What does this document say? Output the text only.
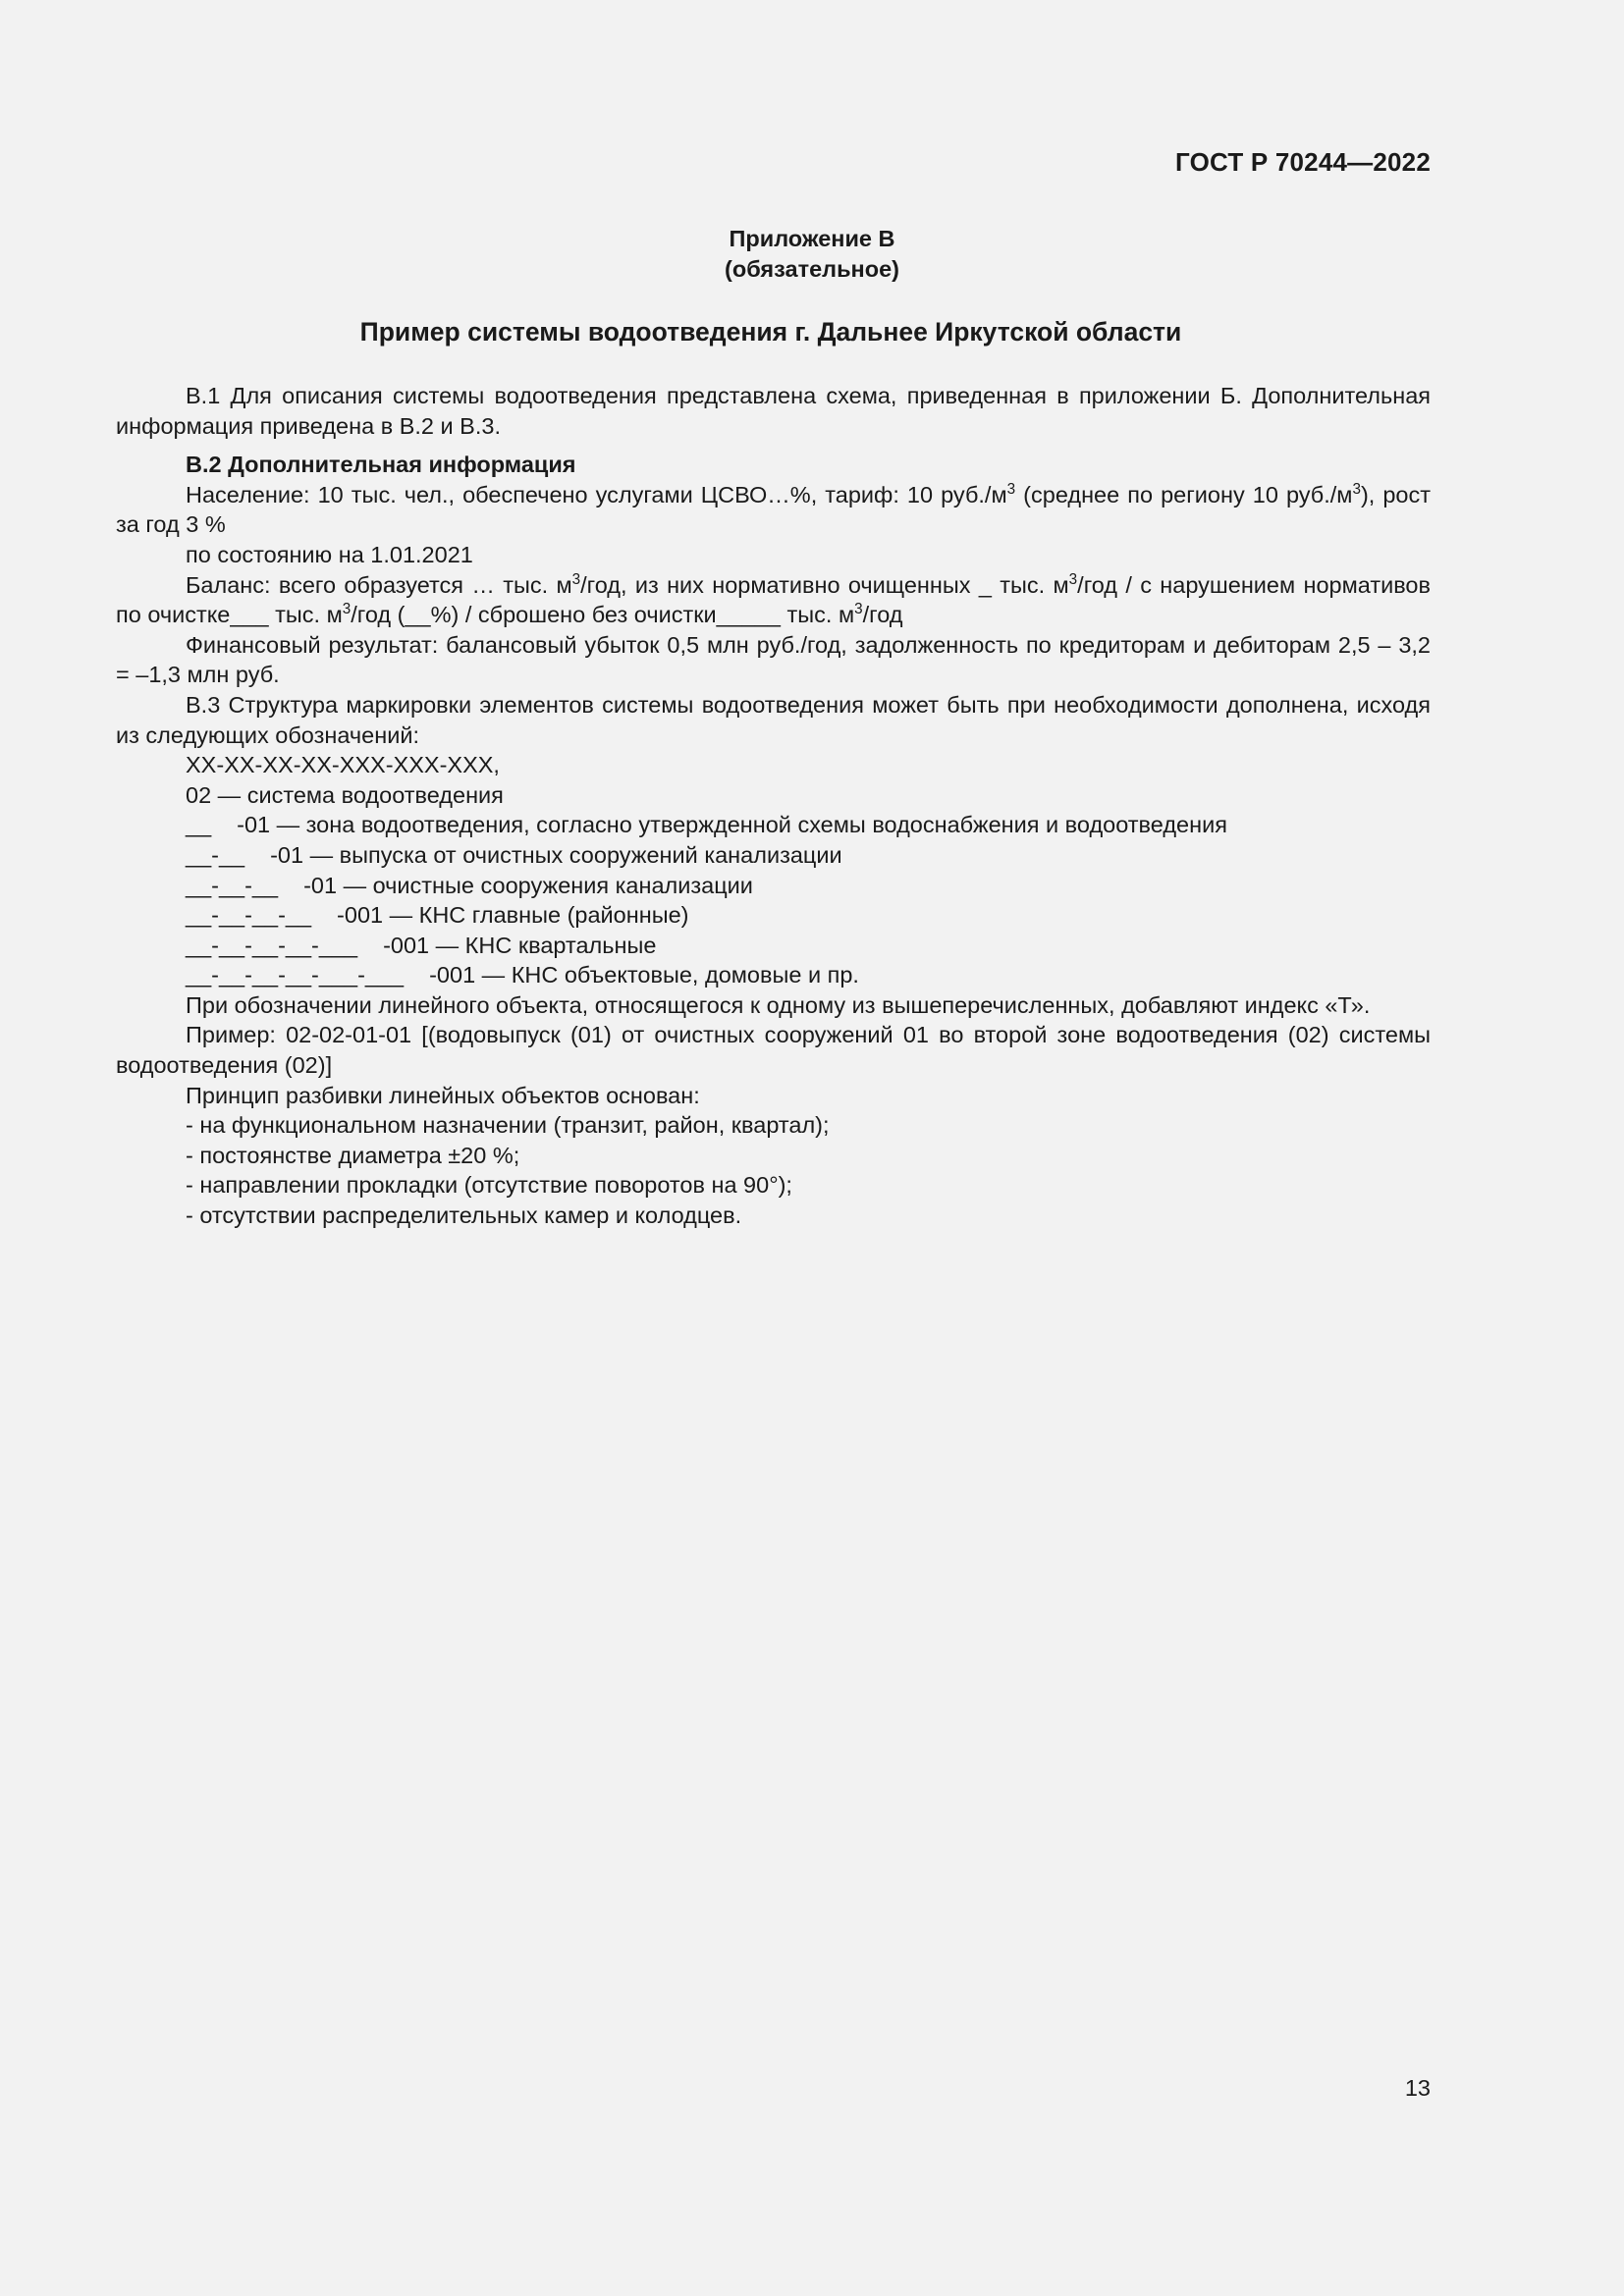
ГОСТ Р 70244—2022
Приложение В
(обязательное)
Пример системы водоотведения г. Дальнее Иркутской области

В.1 Для описания системы водоотведения представлена схема, приведенная в приложении Б. Дополнительная информация приведена в В.2 и В.3.

В.2 Дополнительная информация

Население: 10 тыс. чел., обеспечено услугами ЦСВО…%, тариф: 10 $руб./м^3$ (среднее по региону 10 $руб./м^3$), рост за год 3 %

по состоянию на 1.01.2021

Баланс: всего образуется … тыс. $м^3$/год, из них нормативно очищенных _ тыс. $м^3$/год / с нарушением нормативов по очистке___ тыс. $м^3$/год (__%) / сброшено без очистки_____ тыс. $м^3$/год

Финансовый результат: балансовый убыток 0,5 млн руб./год, задолженность по кредиторам и дебиторам 2,5 – 3,2 = –1,3 млн руб.

В.3 Структура маркировки элементов системы водоотведения может быть при необходимости дополнена, исходя из следующих обозначений:

ХХ-ХХ-ХХ-ХХ-ХХХ-ХХХ-ХХХ,

02 — система водоотведения

__ -01 — зона водоотведения, согласно утвержденной схемы водоснабжения и водоотведения

__-__ -01 — выпуска от очистных сооружений канализации

__-__-__ -01 — очистные сооружения канализации

__-__-__-__ -001 — КНС главные (районные)

__-__-__-__-___ -001 — КНС квартальные

__-__-__-__-___-___ -001 — КНС объектовые, домовые и пр.

При обозначении линейного объекта, относящегося к одному из вышеперечисленных, добавляют индекс «Т».

Пример: 02-02-01-01 [(водовыпуск (01) от очистных сооружений 01 во второй зоне водоотведения (02) системы водоотведения (02)]

Принцип разбивки линейных объектов основан:

- на функциональном назначении (транзит, район, квартал);

- постоянстве диаметра ±20 %;

- направлении прокладки (отсутствие поворотов на 90°);

- отсутствии распределительных камер и колодцев.

13
